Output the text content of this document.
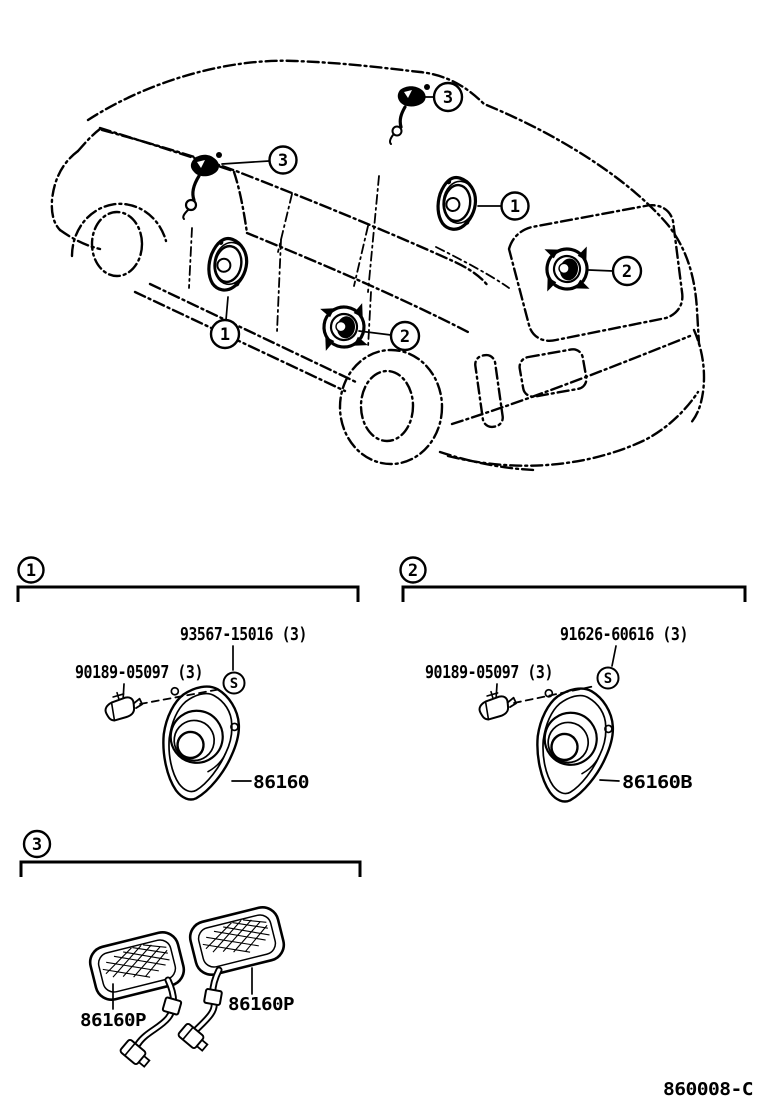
3
3
1
2
1	2
1
93567-15016 (3)
S
90189-05097 (3)
86160
2
91626-60616 (3)
S
90189-05097 (3)
86160B
3
86160P
86160P
860008-C
